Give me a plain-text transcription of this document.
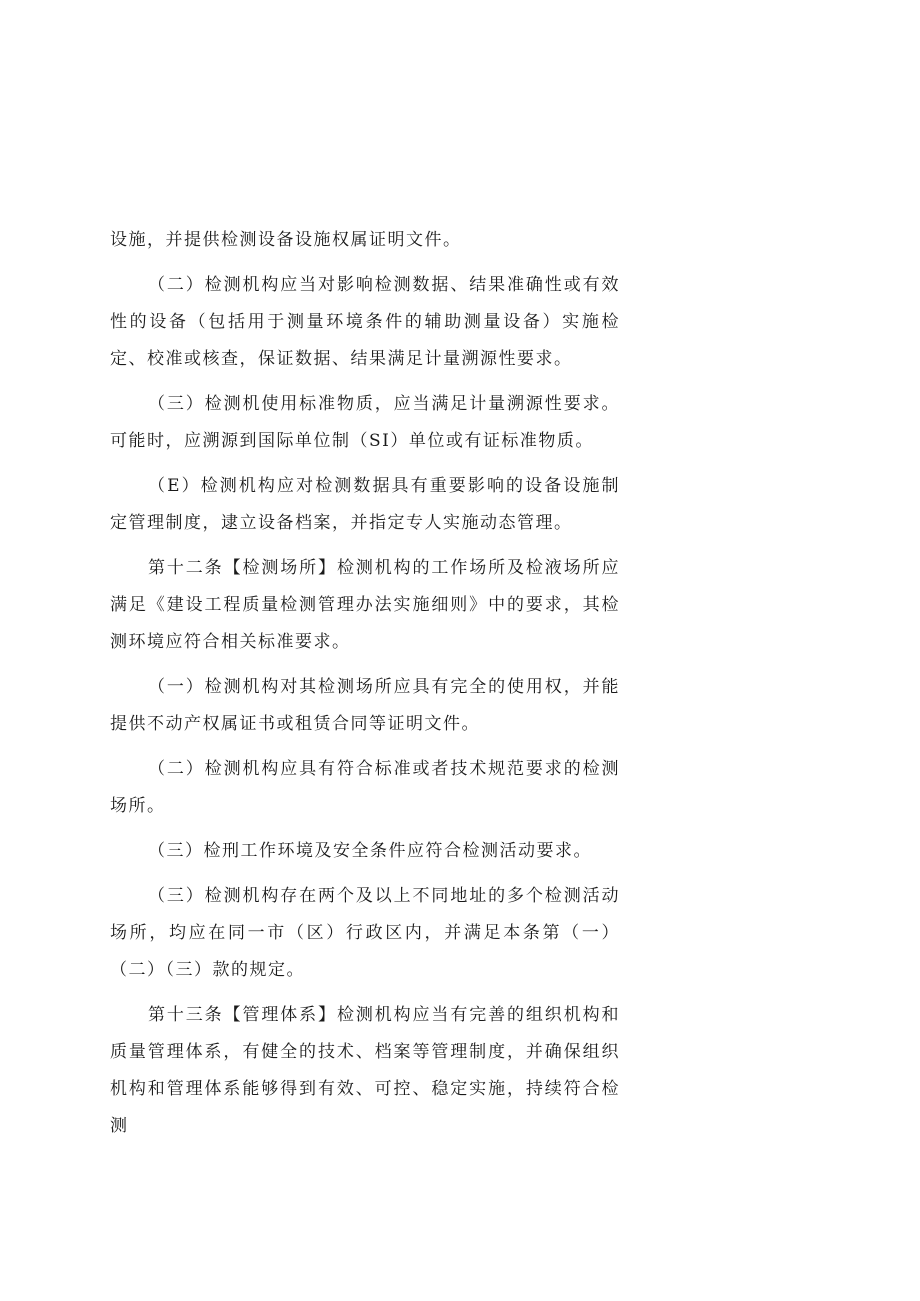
设施，并提供检测设备设施权属证明文件。

（二）检测机构应当对影响检测数据、结果准确性或有效性的设备（包括用于测量环境条件的辅助测量设备）实施检定、校准或核查，保证数据、结果满足计量溯源性要求。

（三）检测机使用标准物质，应当满足计量溯源性要求。可能时，应溯源到国际单位制（SI）单位或有证标准物质。

（E）检测机构应对检测数据具有重要影响的设备设施制定管理制度，逮立设备档案，并指定专人实施动态管理。

第十二条【检测场所】检测机构的工作场所及检液场所应满足《建设工程质量检测管理办法实施细则》中的要求，其检测环境应符合相关标准要求。

（一）检测机构对其检测场所应具有完全的使用权，并能提供不动产权属证书或租赁合同等证明文件。

（二）检测机构应具有符合标准或者技术规范要求的检测场所。

（三）检刑工作环境及安全条件应符合检测活动要求。

（三）检测机构存在两个及以上不同地址的多个检测活动场所，均应在同一市（区）行政区内，并满足本条第（一）（二）（三）款的规定。

第十三条【管理体系】检测机构应当有完善的组织机构和质量管理体系，有健全的技术、档案等管理制度，并确保组织机构和管理体系能够得到有效、可控、稳定实施，持续符合检测
